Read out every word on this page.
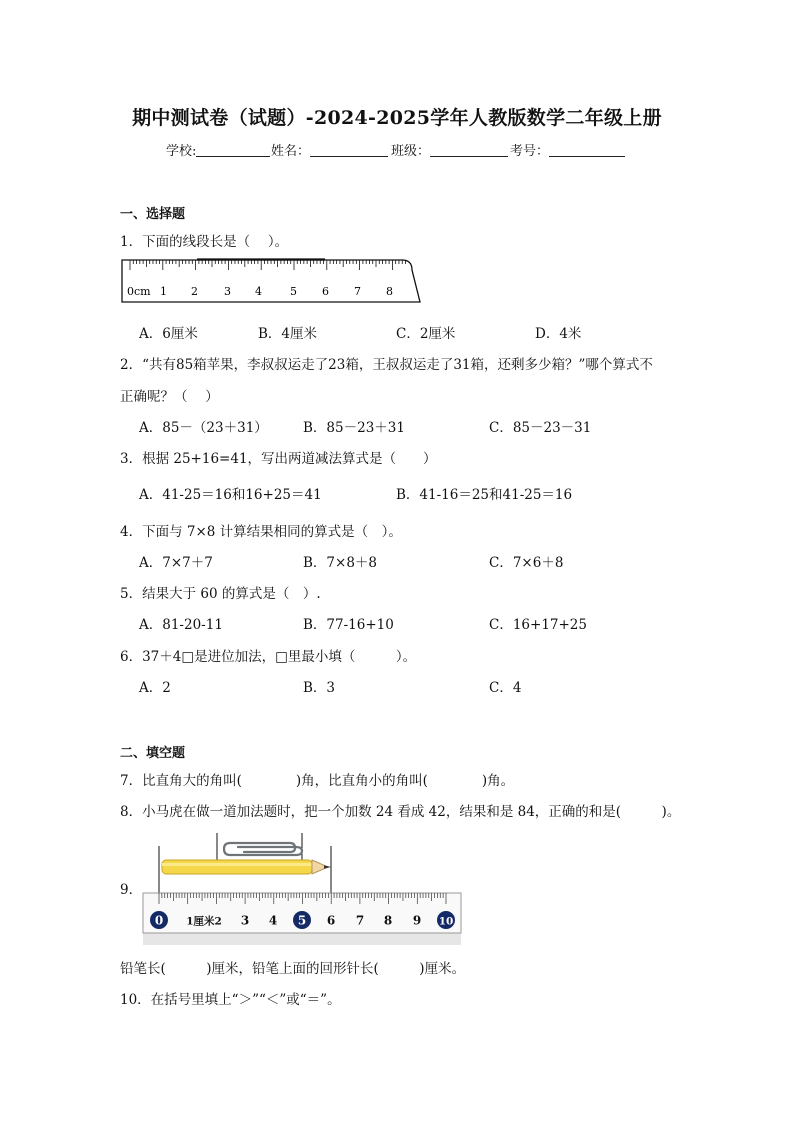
期中测试卷（试题）-2024-2025学年人教版数学二年级上册
学校:	姓名：	班级：	考号：
一、选择题
1．下面的线段长是（　 ）。
0cm 1 2 3 4	5 6 7 8
A．6厘米	B．4厘米	C．2厘米	D．4米
2．“共有85箱苹果，李叔叔运走了23箱，王叔叔运走了31箱，还剩多少箱？”哪个算式不
正确呢？（　 ）
A．85－（23＋31）	B．85－23＋31	C．85－23－31
3．根据 25+16=41，写出两道减法算式是（　　）
A．41-25＝16和16+25＝41	B．41-16＝25和41-25＝16
4．下面与 7×8 计算结果相同的算式是（　）。
A．7×7＋7	B．7×8＋8	C．7×6＋8
5．结果大于 60 的算式是（　）.
A．81-20-11	B．77-16+10	C．16+17+25
6．37＋4□是进位加法，□里最小填（　　　）。
A．2	B．3	C．4
二、填空题
7．比直角大的角叫(　　　　)角，比直角小的角叫(　　　　)角。
8．小马虎在做一道加法题时，把一个加数 24 看成 42，结果和是 84，正确的和是(　　　)。
9．
0 1厘米2 3 4 5 6 7 8 9 10
铅笔长(　　　)厘米，铅笔上面的回形针长(　　　)厘米。
10．在括号里填上“＞”“＜”或“＝”。
